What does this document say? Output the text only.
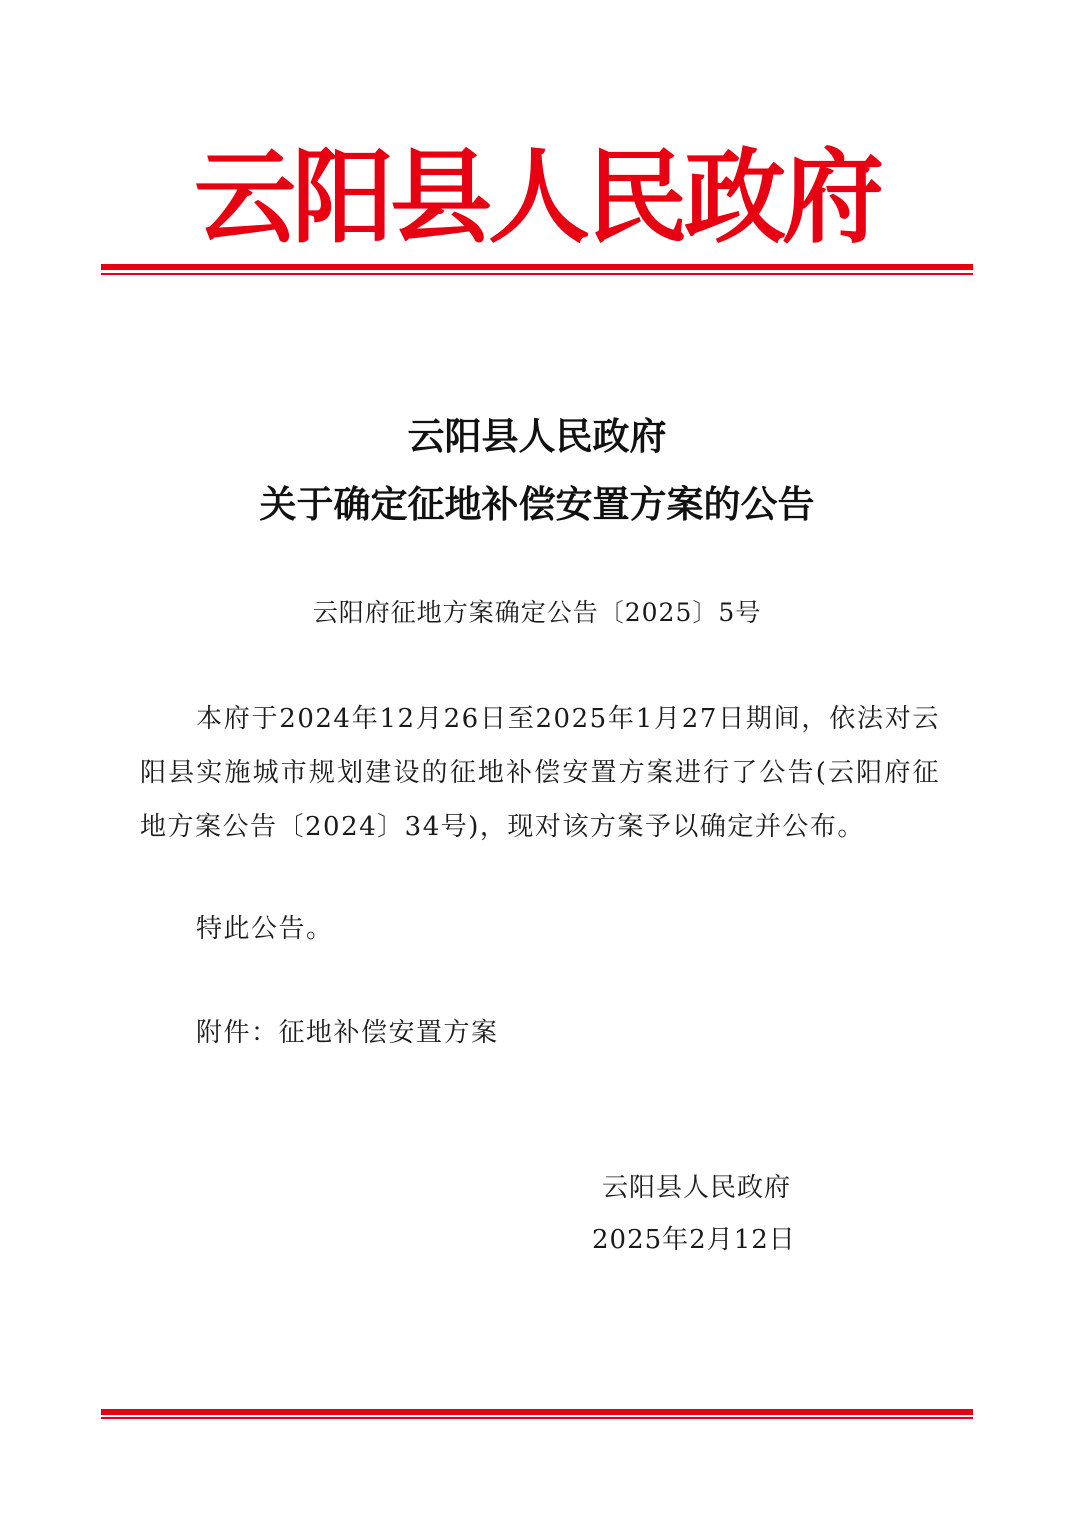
云阳县人民政府
云阳县人民政府
关于确定征地补偿安置方案的公告
云阳府征地方案确定公告〔2025〕5号
本府于2024年12月26日至2025年1月27日期间，依法对云阳县实施城市规划建设的征地补偿安置方案进行了公告(云阳府征地方案公告〔2024〕34号)，现对该方案予以确定并公布。
特此公告。
附件：征地补偿安置方案
云阳县人民政府
2025年2月12日
